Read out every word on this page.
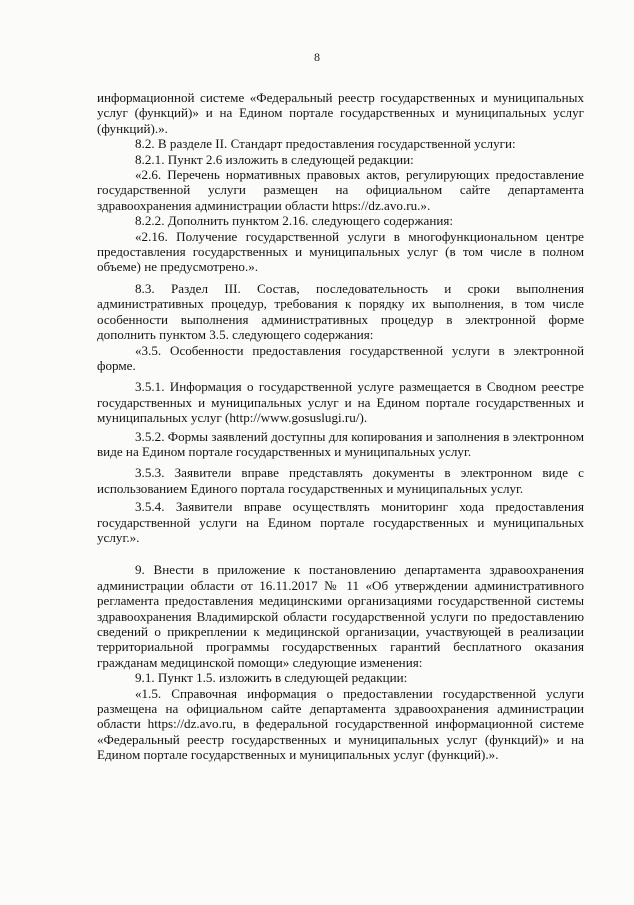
8

информационной системе «Федеральный реестр государственных и муниципальных услуг (функций)» и на Едином портале государственных и муниципальных услуг (функций).».

8.2. В разделе II. Стандарт предоставления государственной услуги:

8.2.1. Пункт 2.6 изложить в следующей редакции:

«2.6. Перечень нормативных правовых актов, регулирующих предоставление государственной услуги размещен на официальном сайте департамента здравоохранения администрации области https://dz.avo.ru.».

8.2.2. Дополнить пунктом 2.16. следующего содержания:

«2.16. Получение государственной услуги в многофункциональном центре предоставления государственных и муниципальных услуг (в том числе в полном объеме) не предусмотрено.».

8.3. Раздел III. Состав, последовательность и сроки выполнения административных процедур, требования к порядку их выполнения, в том числе особенности выполнения административных процедур в электронной форме дополнить пунктом 3.5. следующего содержания:

«3.5. Особенности предоставления государственной услуги в электронной форме.

3.5.1. Информация о государственной услуге размещается в Сводном реестре государственных и муниципальных услуг и на Едином портале государственных и муниципальных услуг (http://www.gosuslugi.ru/).

3.5.2. Формы заявлений доступны для копирования и заполнения в электронном виде на Едином портале государственных и муниципальных услуг.

3.5.3. Заявители вправе представлять документы в электронном виде с использованием Единого портала государственных и муниципальных услуг.

3.5.4. Заявители вправе осуществлять мониторинг хода предоставления государственной услуги на Едином портале государственных и муниципальных услуг.».

9. Внести в приложение к постановлению департамента здравоохранения администрации области от 16.11.2017 № 11 «Об утверждении административного регламента предоставления медицинскими организациями государственной системы здравоохранения Владимирской области государственной услуги по предоставлению сведений о прикреплении к медицинской организации, участвующей в реализации территориальной программы государственных гарантий бесплатного оказания гражданам медицинской помощи» следующие изменения:

9.1. Пункт 1.5. изложить в следующей редакции:

«1.5. Справочная информация о предоставлении государственной услуги размещена на официальном сайте департамента здравоохранения администрации области https://dz.avo.ru, в федеральной государственной информационной системе «Федеральный реестр государственных и муниципальных услуг (функций)» и на Едином портале государственных и муниципальных услуг (функций).».
